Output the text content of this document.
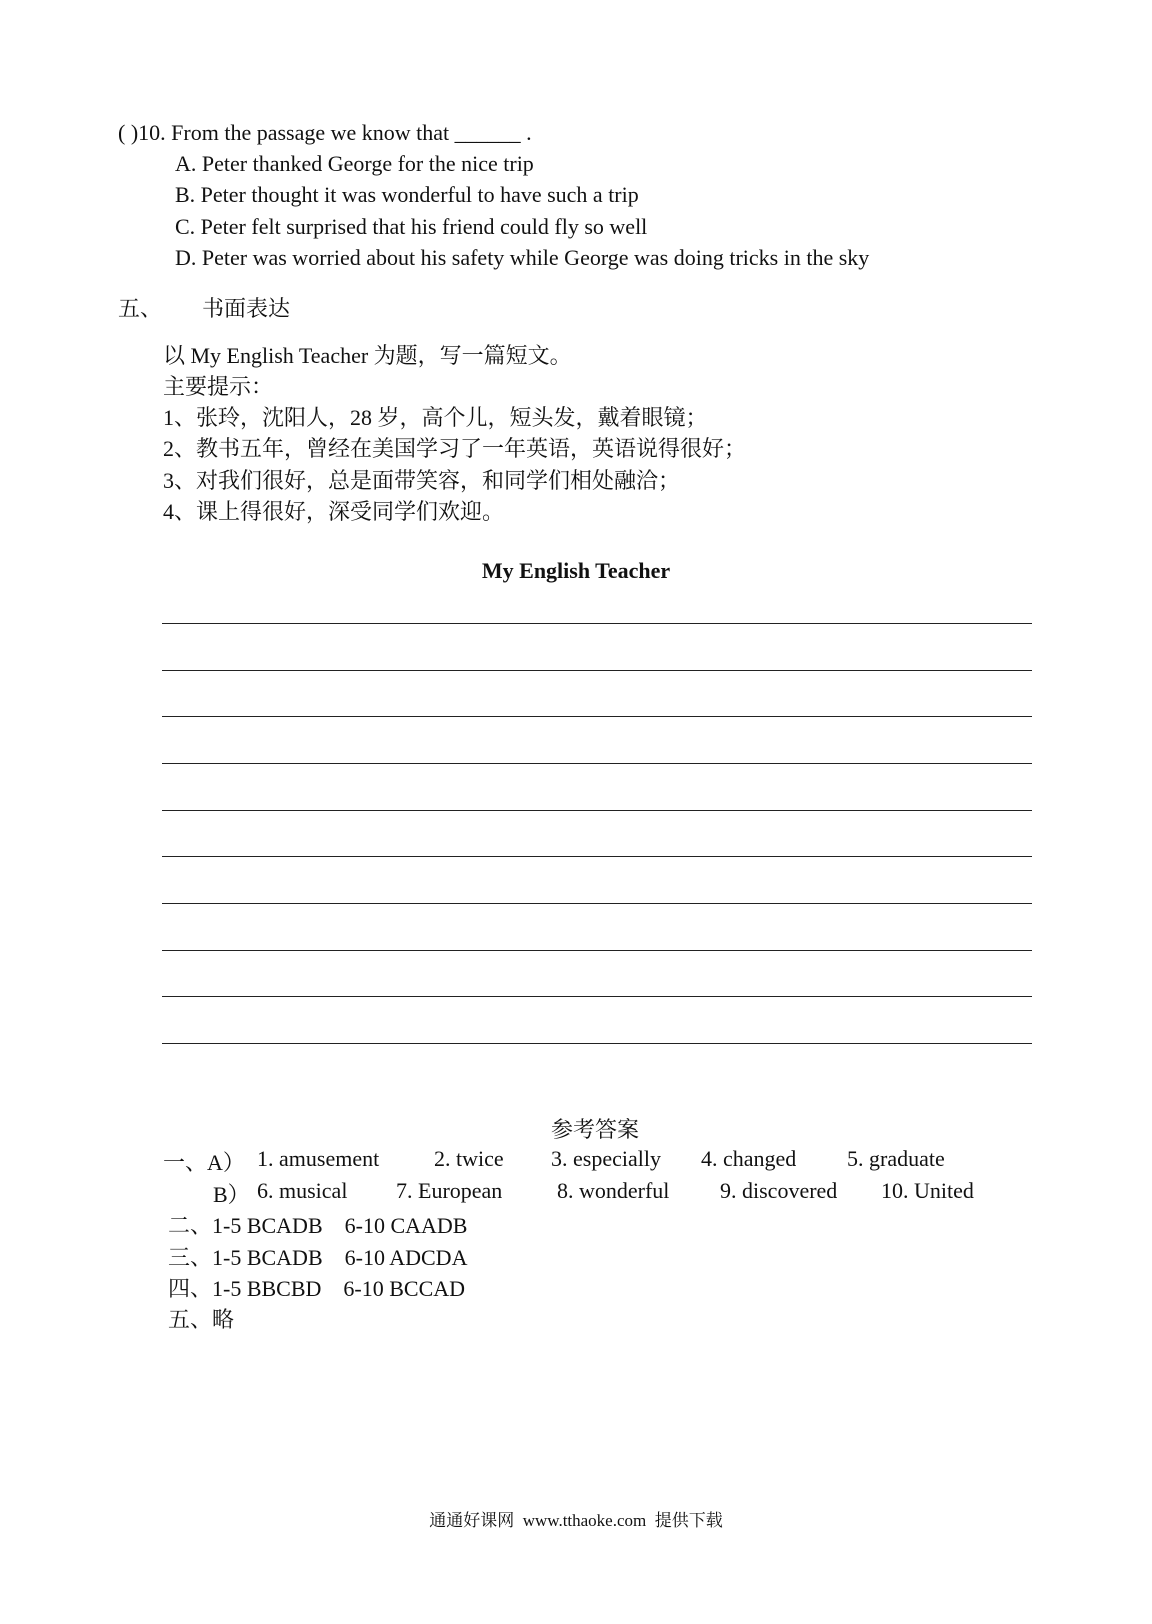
( )10. From the passage we know that ______ .
A. Peter thanked George for the nice trip
B. Peter thought it was wonderful to have such a trip
C. Peter felt surprised that his friend could fly so well
D. Peter was worried about his safety while George was doing tricks in the sky
五、 书面表达
以 My English Teacher 为题，写一篇短文。
主要提示：
1、张玲，沈阳人，28 岁，高个儿，短头发，戴着眼镜；
2、教书五年，曾经在美国学习了一年英语，英语说得很好；
3、对我们很好，总是面带笑容，和同学们相处融洽；
4、课上得很好，深受同学们欢迎。
My English Teacher
参考答案
一、A） 1. amusement 2. twice 3. especially 4. changed 5. graduate
B） 6. musical 7. European 8. wonderful 9. discovered 10. United
二、1-5 BCADB    6-10 CAADB
三、1-5 BCADB    6-10 ADCDA
四、1-5 BBCBD    6-10 BCCAD
五、略
通通好课网  www.tthaoke.com  提供下载
